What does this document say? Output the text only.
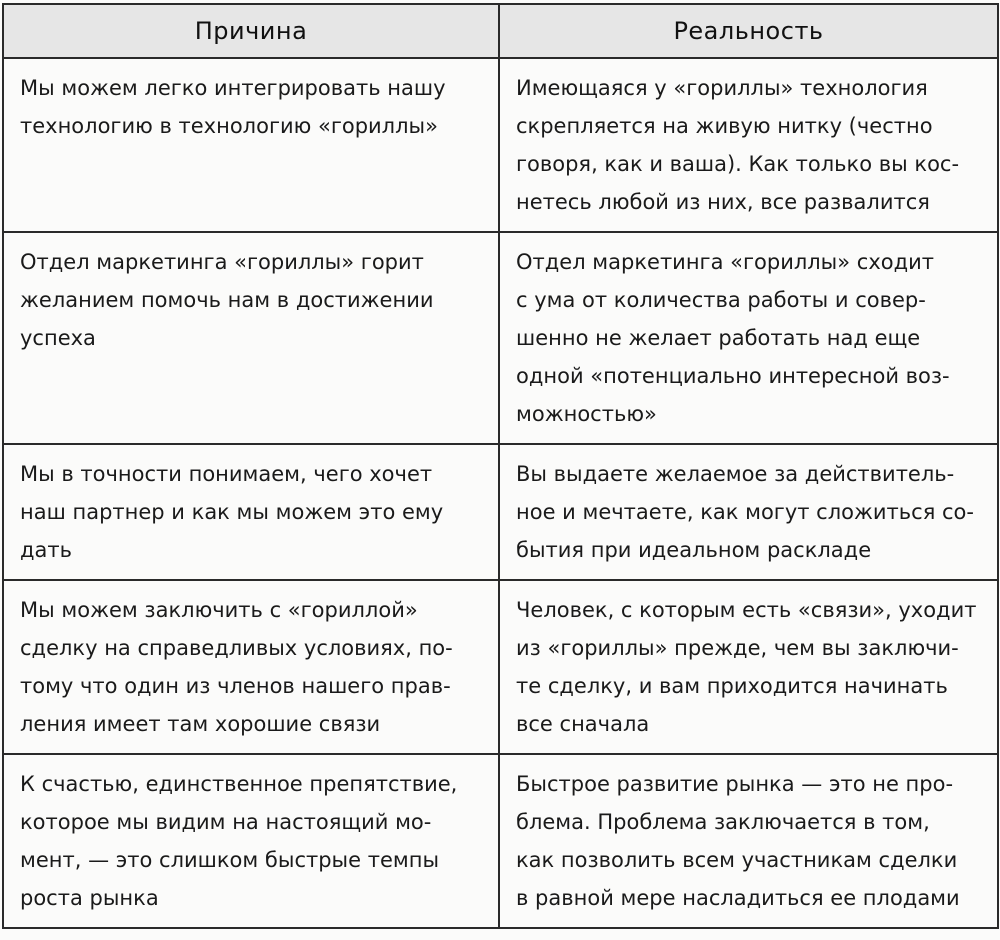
Причина	Реальность

Мы можем легко интегрировать нашу
технологию в технологию «гориллы»	Имеющаяся у «гориллы» технология
скрепляется на живую нитку (честно
говоря, как и ваша). Как только вы кос-
нетесь любой из них, все развалится

Отдел маркетинга «гориллы» горит
желанием помочь нам в достижении
успеха	Отдел маркетинга «гориллы» сходит
с ума от количества работы и совер-
шенно не желает работать над еще
одной «потенциально интересной воз-
можностью»

Мы в точности понимаем, чего хочет
наш партнер и как мы можем это ему
дать	Вы выдаете желаемое за действитель-
ное и мечтаете, как могут сложиться со-
бытия при идеальном раскладе

Мы можем заключить с «гориллой»
сделку на справедливых условиях, по-
тому что один из членов нашего прав-
ления имеет там хорошие связи	Человек, с которым есть «связи», уходит
из «гориллы» прежде, чем вы заключи-
те сделку, и вам приходится начинать
все сначала

К счастью, единственное препятствие,
которое мы видим на настоящий мо-
мент, — это слишком быстрые темпы
роста рынка	Быстрое развитие рынка — это не про-
блема. Проблема заключается в том,
как позволить всем участникам сделки
в равной мере насладиться ее плодами
